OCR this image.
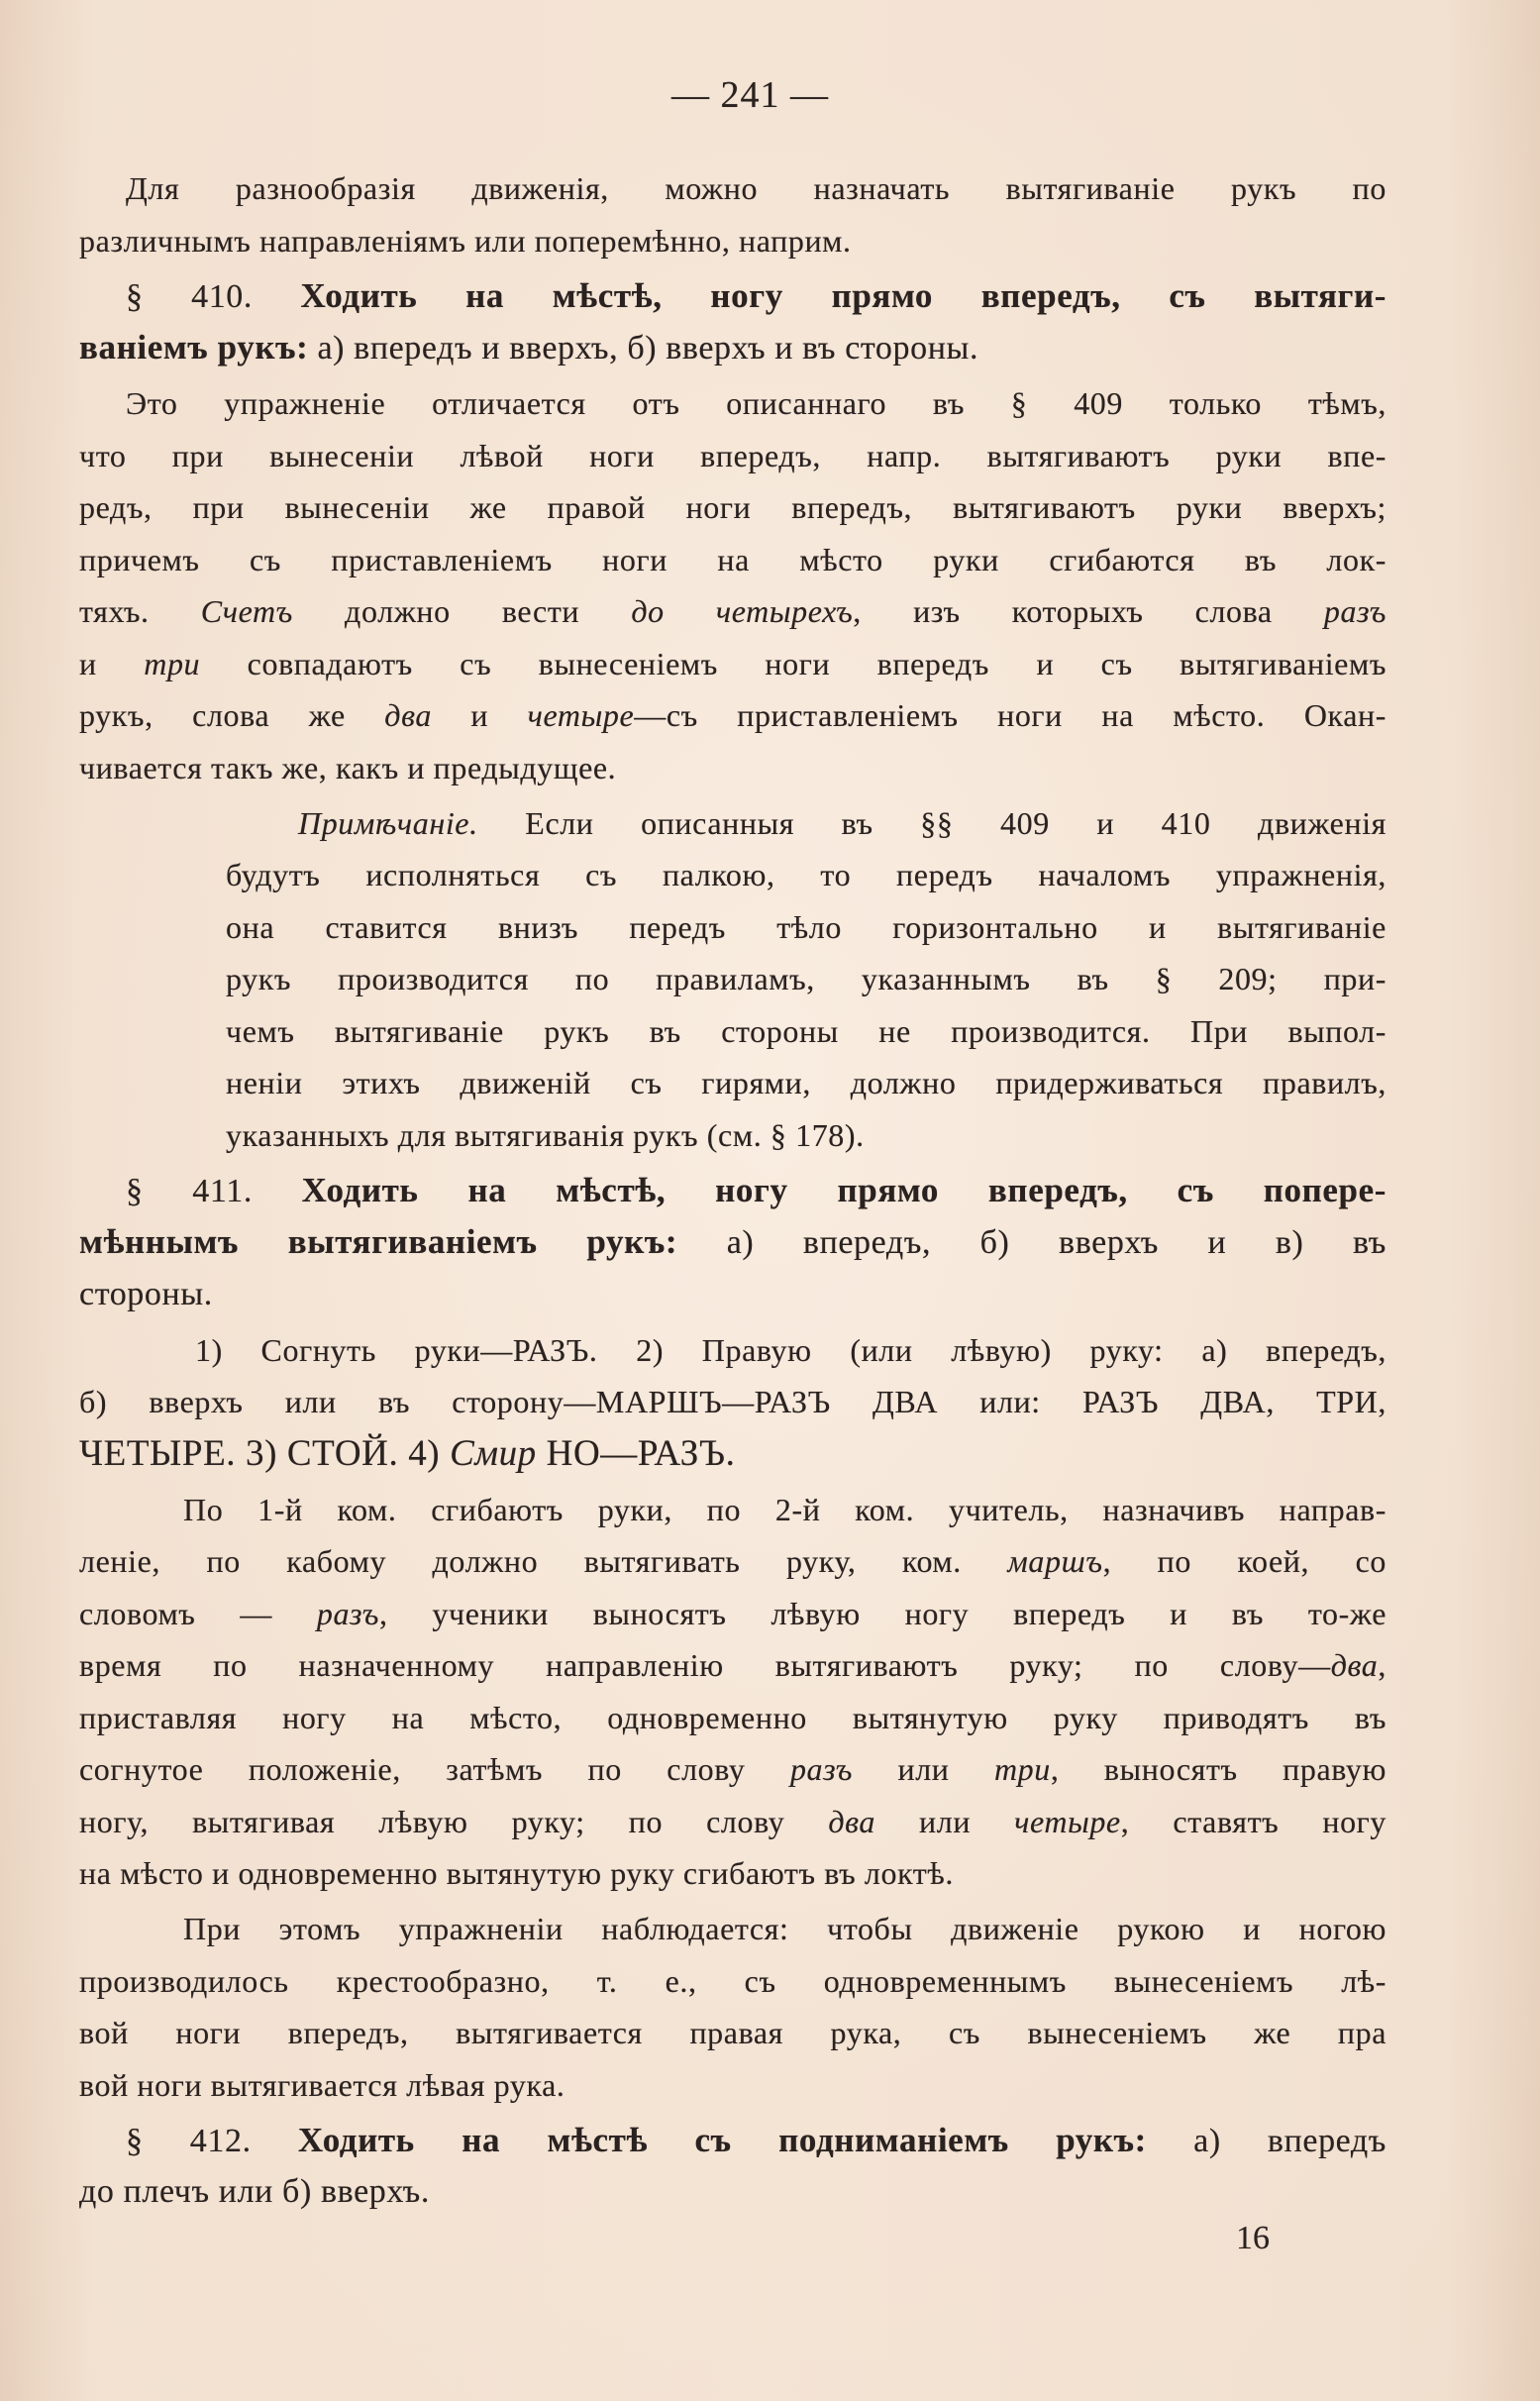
— 241 —
Для разнообразія движенія, можно назначать вытягиваніе рукъ по
различнымъ направленіямъ или поперемѣнно, наприм.
§ 410. Ходить на мѣстѣ, ногу прямо впередъ, съ вытяги-
ваніемъ рукъ: а) впередъ и вверхъ, б) вверхъ и въ стороны.
Это упражненіе отличается отъ описаннаго въ § 409 только тѣмъ,
что при вынесеніи лѣвой ноги впередъ, напр. вытягиваютъ руки впе-
редъ, при вынесеніи же правой ноги впередъ, вытягиваютъ руки вверхъ;
причемъ съ приставленіемъ ноги на мѣсто руки сгибаются въ лок-
тяхъ. Счетъ должно вести до четырехъ, изъ которыхъ слова разъ
и три совпадаютъ съ вынесеніемъ ноги впередъ и съ вытягиваніемъ
рукъ, слова же два и четыре—съ приставленіемъ ноги на мѣсто. Окан-
чивается такъ же, какъ и предыдущее.
Примѣчаніе. Если описанныя въ §§ 409 и 410 движенія
будутъ исполняться съ палкою, то передъ началомъ упражненія,
она ставится внизъ передъ тѣло горизонтально и вытягиваніе
рукъ производится по правиламъ, указаннымъ въ § 209; при-
чемъ вытягиваніе рукъ въ стороны не производится. При выпол-
неніи этихъ движеній съ гирями, должно придерживаться правилъ,
указанныхъ для вытягиванія рукъ (см. § 178).
§ 411. Ходить на мѣстѣ, ногу прямо впередъ, съ попере-
мѣннымъ вытягиваніемъ рукъ: а) впередъ, б) вверхъ и в) въ
стороны.
1) Согнуть руки—РАЗЪ. 2) Правую (или лѣвую) руку: а) впередъ,
б) вверхъ или въ сторону—МАРШЪ—РАЗЪ ДВА или: РАЗЪ ДВА, ТРИ,
ЧЕТЫРЕ. 3) СТОЙ. 4) Смир НО—РАЗЪ.
По 1-й ком. сгибаютъ руки, по 2-й ком. учитель, назначивъ направ-
леніе, по кабому должно вытягивать руку, ком. маршъ, по коей, со
словомъ — разъ, ученики выносятъ лѣвую ногу впередъ и въ то-же
время по назначенному направленію вытягиваютъ руку; по слову—два,
приставляя ногу на мѣсто, одновременно вытянутую руку приводятъ въ
согнутое положеніе, затѣмъ по слову разъ или три, выносятъ правую
ногу, вытягивая лѣвую руку; по слову два или четыре, ставятъ ногу
на мѣсто и одновременно вытянутую руку сгибаютъ въ локтѣ.
При этомъ упражненіи наблюдается: чтобы движеніе рукою и ногою
производилось крестообразно, т. е., съ одновременнымъ вынесеніемъ лѣ-
вой ноги впередъ, вытягивается правая рука, съ вынесеніемъ же пра
вой ноги вытягивается лѣвая рука.
§ 412. Ходить на мѣстѣ съ подниманіемъ рукъ: а) впередъ
до плечъ или б) вверхъ.
16
